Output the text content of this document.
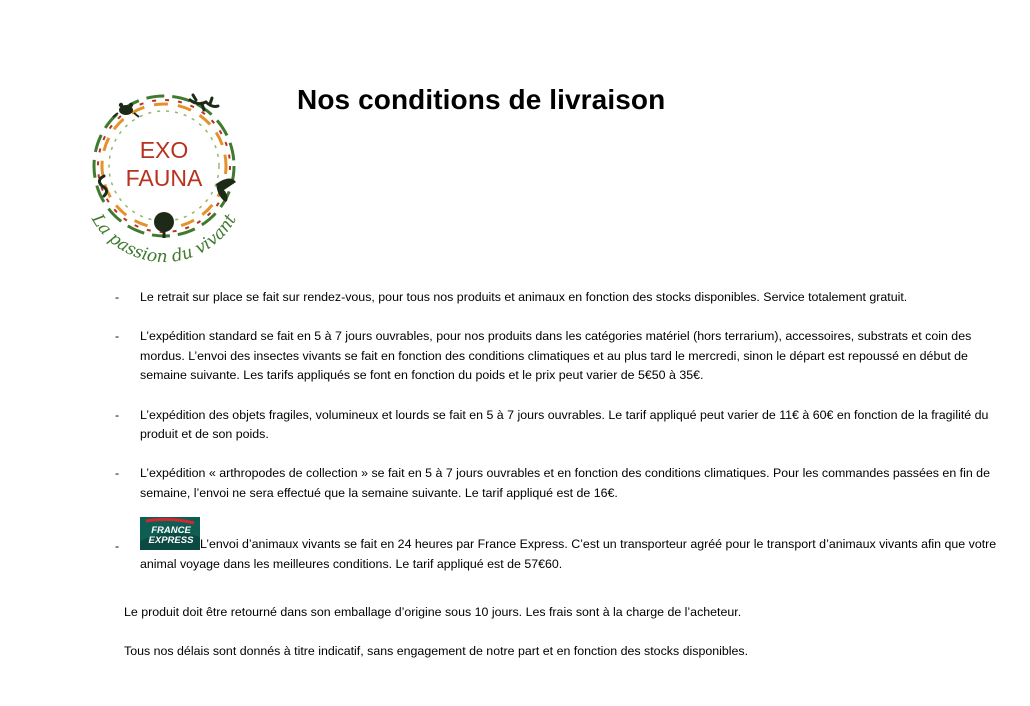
EXO
FAUNA
La passion du vivant
Nos conditions de livraison
- Le retrait sur place se fait sur rendez-vous, pour tous nos produits et animaux en fonction des stocks disponibles. Service totalement gratuit.
- L’expédition standard se fait en 5 à 7 jours ouvrables, pour nos produits dans les catégories matériel (hors terrarium), accessoires, substrats et coin des mordus. L’envoi des insectes vivants se fait en fonction des conditions climatiques et au plus tard le mercredi, sinon le départ est repoussé en début de semaine suivante. Les tarifs appliqués se font en fonction du poids et le prix peut varier de 5€50 à 35€.
- L’expédition des objets fragiles, volumineux et lourds se fait en 5 à 7 jours ouvrables. Le tarif appliqué peut varier de 11€ à 60€ en fonction de la fragilité du produit et de son poids.
- L’expédition « arthropodes de collection » se fait en 5 à 7 jours ouvrables et en fonction des conditions climatiques. Pour les commandes passées en fin de semaine, l’envoi ne sera effectué que la semaine suivante. Le tarif appliqué est de 16€.
-
FRANCE
EXPRESS L’envoi d’animaux vivants se fait en 24 heures par France Express. C’est un transporteur agréé pour le transport d’animaux vivants afin que votre animal voyage dans les meilleures conditions. Le tarif appliqué est de 57€60.
Le produit doit être retourné dans son emballage d’origine sous 10 jours. Les frais sont à la charge de l’acheteur.
Tous nos délais sont donnés à titre indicatif, sans engagement de notre part et en fonction des stocks disponibles.
